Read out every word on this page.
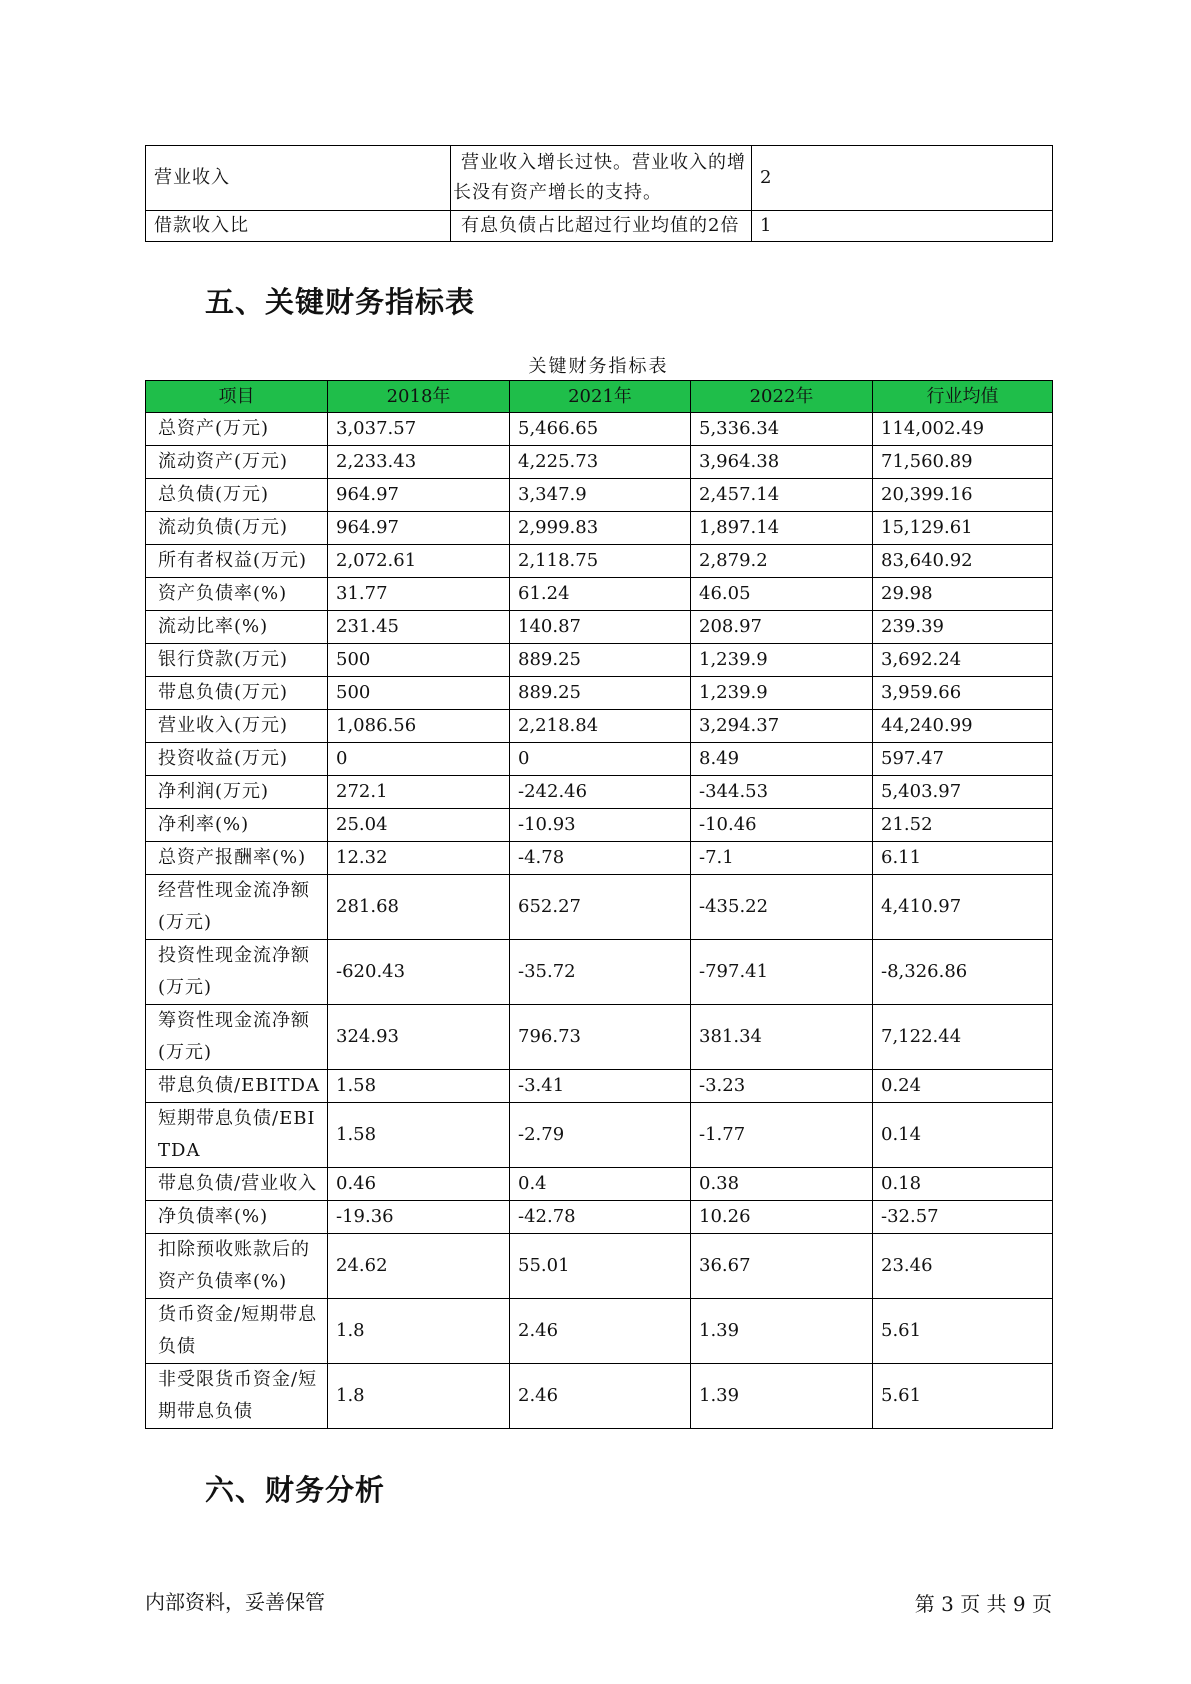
营业收入	营业收入增长过快。营业收入的增长没有资产增长的支持。	2
借款收入比	有息负债占比超过行业均值的2倍	1
五、关键财务指标表
关键财务指标表
项目	2018年	2021年	2022年	行业均值
总资产(万元)	3,037.57	5,466.65	5,336.34	114,002.49
流动资产(万元)	2,233.43	4,225.73	3,964.38	71,560.89
总负债(万元)	964.97	3,347.9	2,457.14	20,399.16
流动负债(万元)	964.97	2,999.83	1,897.14	15,129.61
所有者权益(万元)	2,072.61	2,118.75	2,879.2	83,640.92
资产负债率(%)	31.77	61.24	46.05	29.98
流动比率(%)	231.45	140.87	208.97	239.39
银行贷款(万元)	500	889.25	1,239.9	3,692.24
带息负债(万元)	500	889.25	1,239.9	3,959.66
营业收入(万元)	1,086.56	2,218.84	3,294.37	44,240.99
投资收益(万元)	0	0	8.49	597.47
净利润(万元)	272.1	-242.46	-344.53	5,403.97
净利率(%)	25.04	-10.93	-10.46	21.52
总资产报酬率(%)	12.32	-4.78	-7.1	6.11
经营性现金流净额(万元)	281.68	652.27	-435.22	4,410.97
投资性现金流净额(万元)	-620.43	-35.72	-797.41	-8,326.86
筹资性现金流净额(万元)	324.93	796.73	381.34	7,122.44
带息负债/EBITDA	1.58	-3.41	-3.23	0.24
短期带息负债/EBITDA	1.58	-2.79	-1.77	0.14
带息负债/营业收入	0.46	0.4	0.38	0.18
净负债率(%)	-19.36	-42.78	10.26	-32.57
扣除预收账款后的资产负债率(%)	24.62	55.01	36.67	23.46
货币资金/短期带息负债	1.8	2.46	1.39	5.61
非受限货币资金/短期带息负债	1.8	2.46	1.39	5.61
六、财务分析
内部资料，妥善保管	第 3 页 共 9 页
